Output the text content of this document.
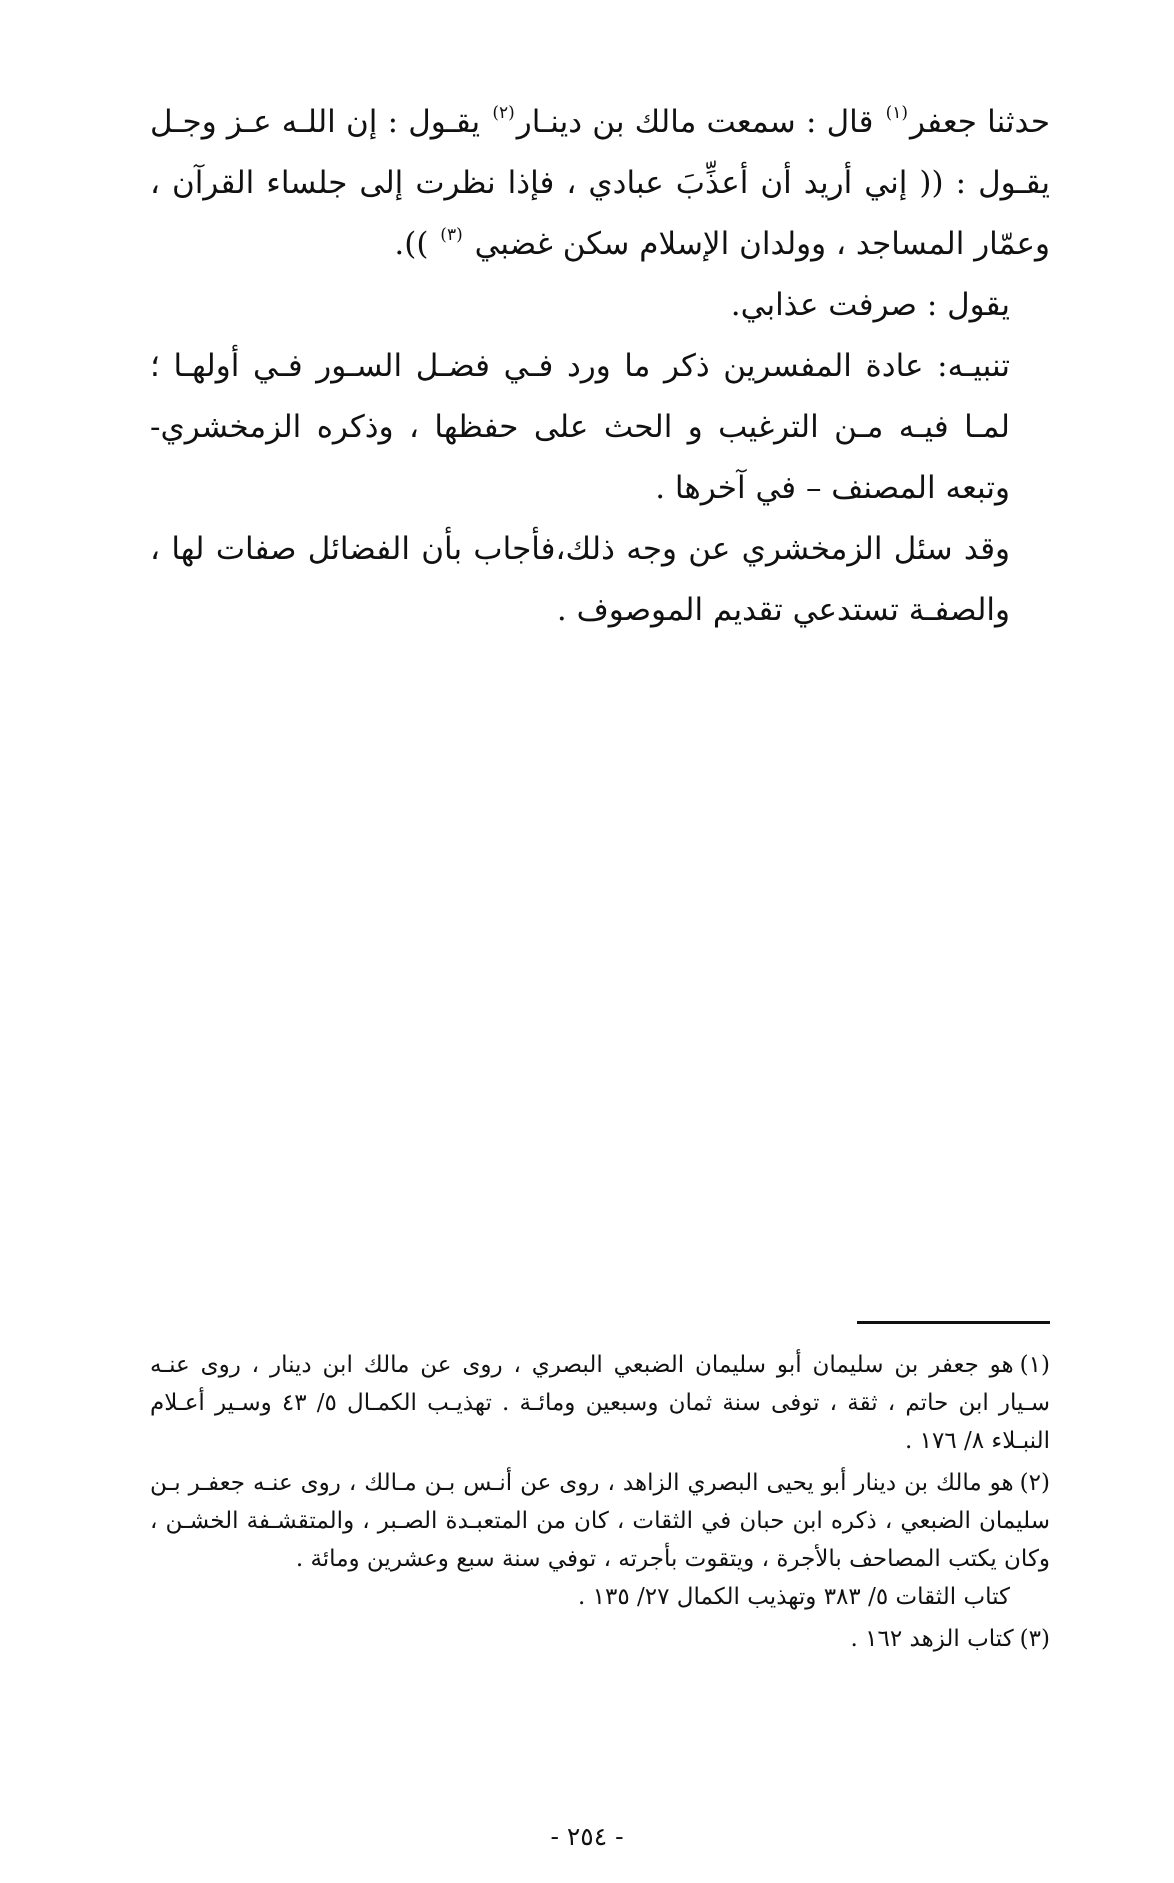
حدثنا جعفر$^{(١)}$ قال : سمعت مالك بن دينـار$^{(٢)}$ يقـول : إن اللـه عـز وجـل يقـول : (( إني أريد أن أعذِّبَ عبادي ، فإذا نظرت إلى جلساء القرآن ، وعمّار المساجد ، وولدان الإسلام سكن غضبي $^{(٣)}$ )).

يقول : صرفت عذابي.

تنبيـه: عادة المفسرين ذكر ما ورد فـي فضـل السـور فـي أولهـا ؛لمـا فيـه مـن الترغيب و الحث على حفظها ، وذكره الزمخشري-وتبعه المصنف – في آخرها .

وقد سئل الزمخشري عن وجه ذلك،فأجاب بأن الفضائل صفات لها ، والصفـة تستدعي تقديم الموصوف .

(١)هو جعفر بن سليمان أبو سليمان الضبعي البصري ، روى عن مالك ابن دينار ، روى عنـه سـيار ابن حاتم ، ثقة ، توفى سنة ثمان وسبعين ومائـة . تهذيـب الكمـال ٥/ ٤٣ وسـير أعـلام النبـلاء ٨/ ١٧٦ .

(٢)هو مالك بن دينار أبو يحيى البصري الزاهد ، روى عن أنـس بـن مـالك ، روى عنـه جعفـر بـن سليمان الضبعي ، ذكره ابن حبان في الثقات ، كان من المتعبـدة الصـبر ، والمتقشـفة الخشـن ، وكان يكتب المصاحف بالأجرة ، ويتقوت بأجرته ، توفي سنة سبع وعشرين ومائة .

كتاب الثقات ٥/ ٣٨٣ وتهذيب الكمال ٢٧/ ١٣٥ .

(٣)كتاب الزهد ١٦٢ .

- ٢٥٤ -
